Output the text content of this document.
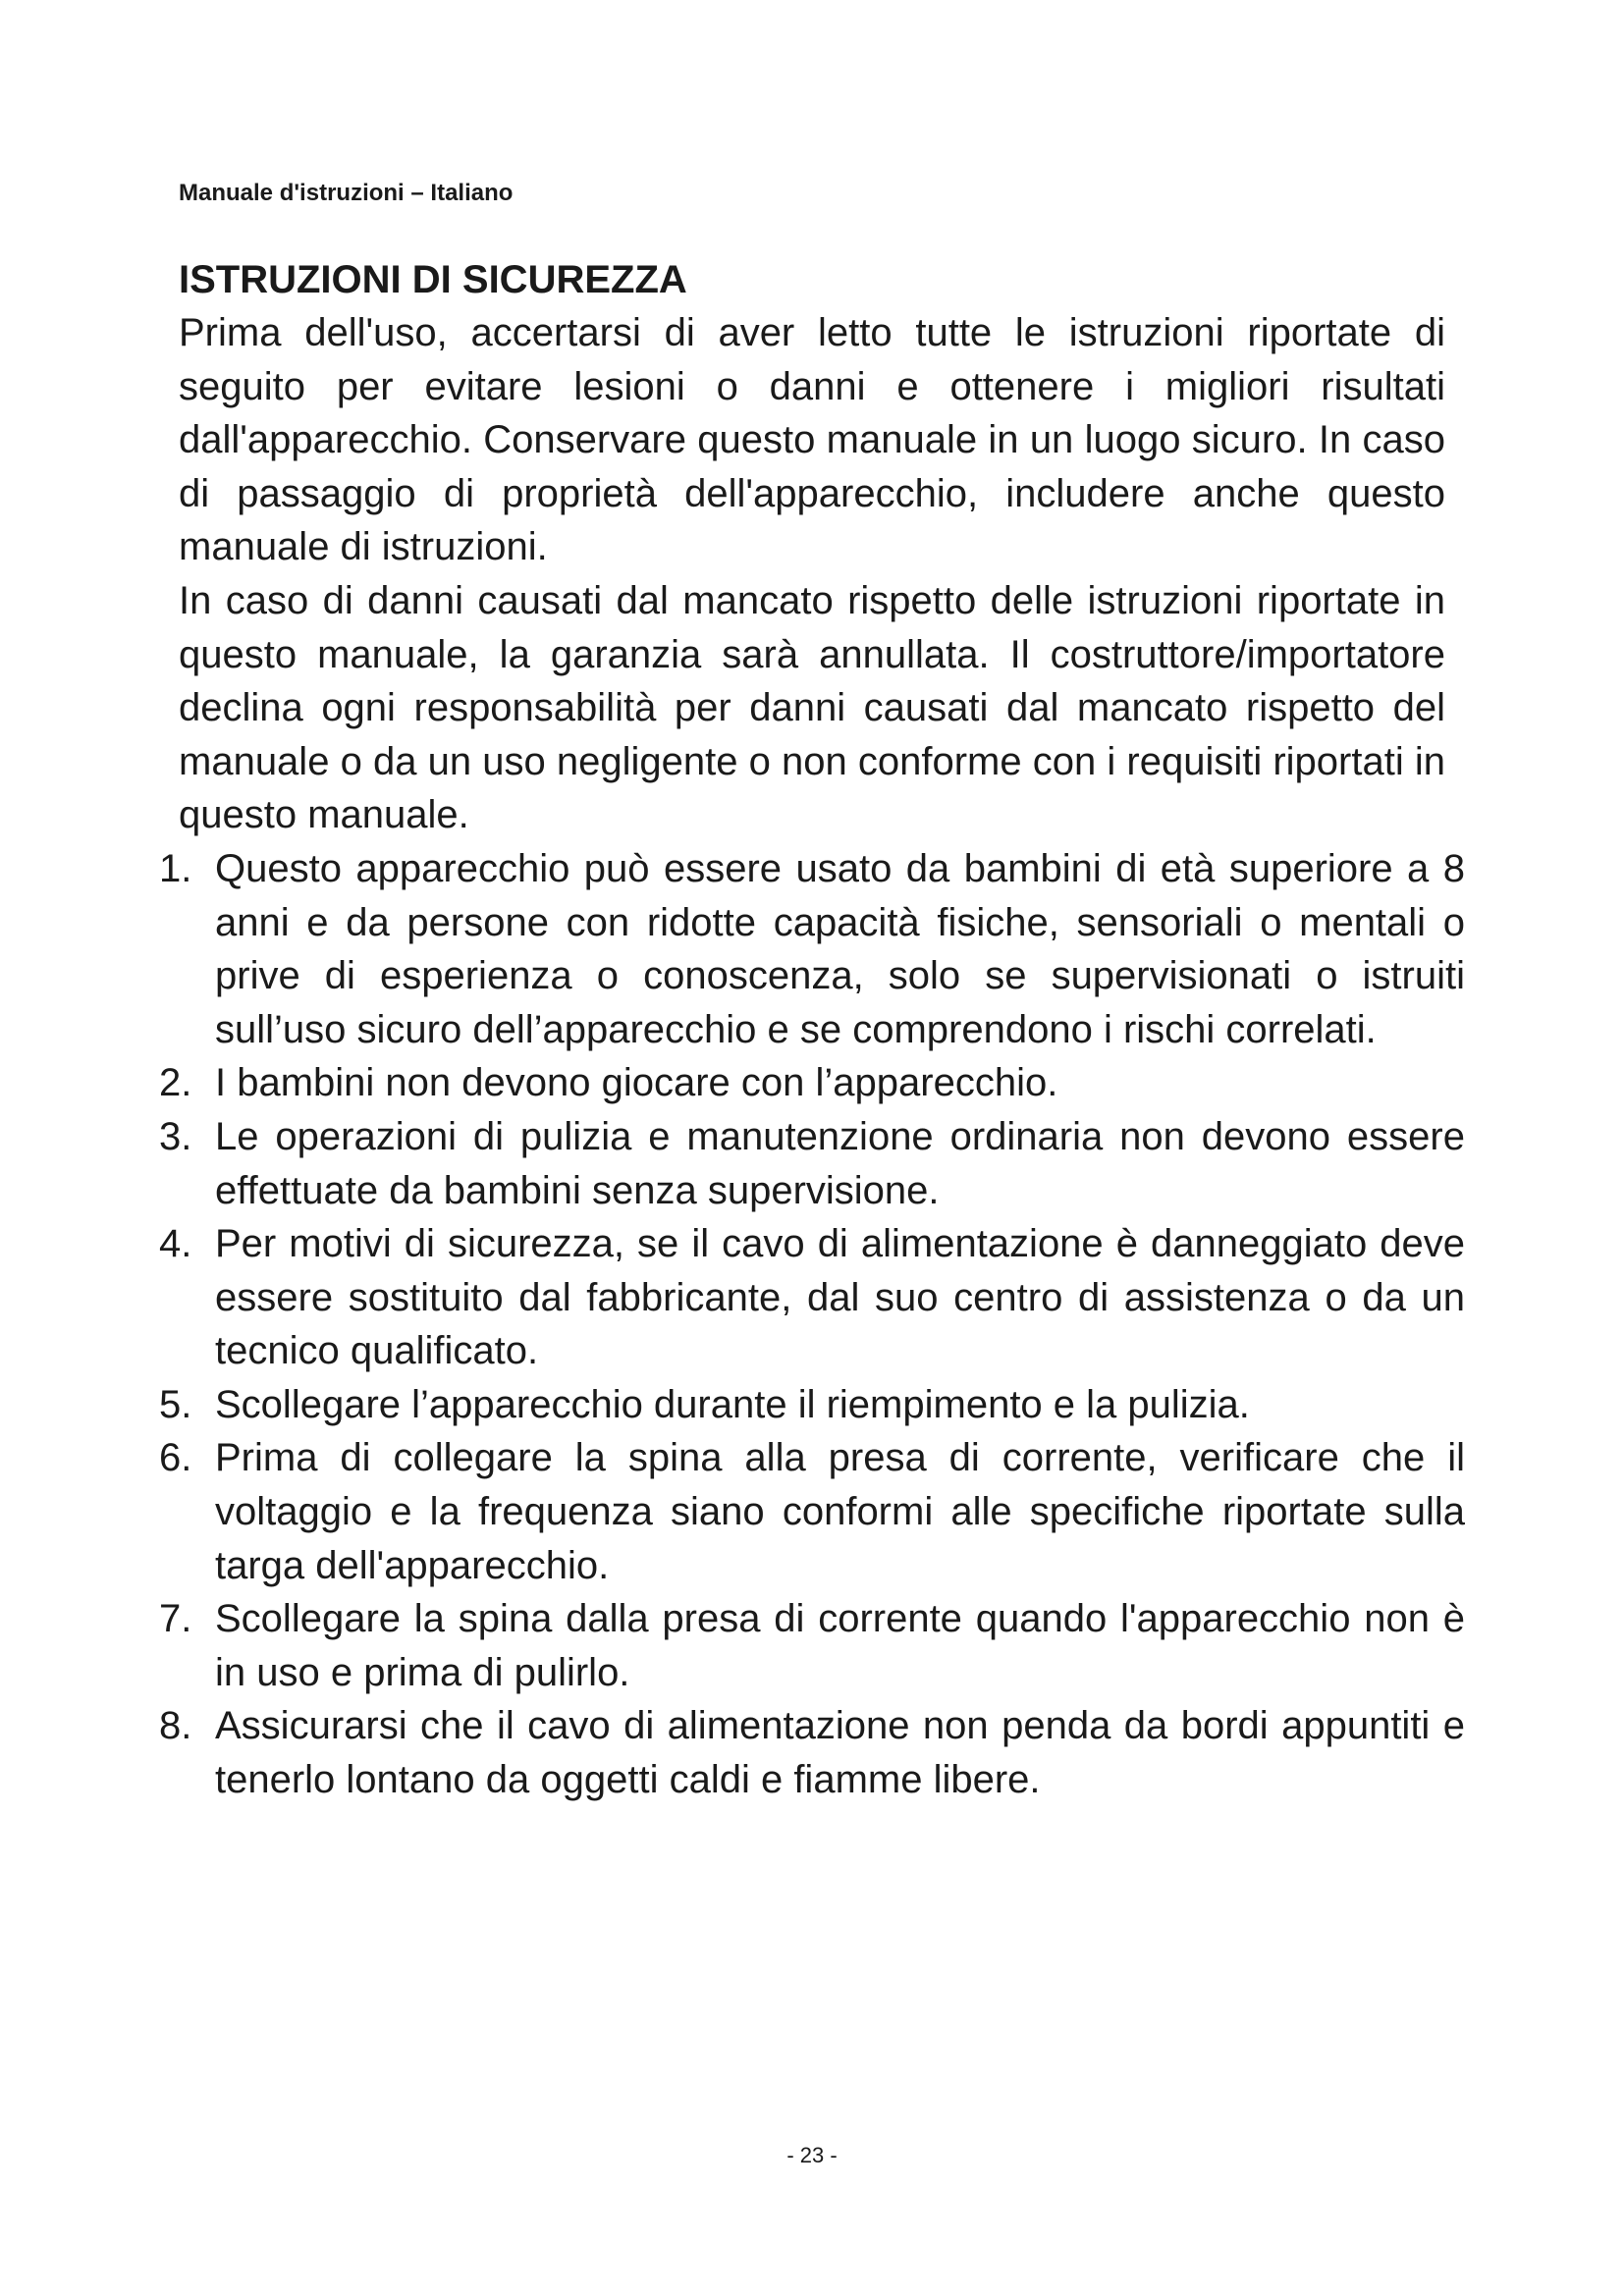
Manuale d'istruzioni – Italiano
ISTRUZIONI DI SICUREZZA

Prima dell'uso, accertarsi di aver letto tutte le istruzioni riportate di seguito per evitare lesioni o danni e ottenere i migliori risultati dall'apparecchio. Conservare questo manuale in un luogo sicuro. In caso di passaggio di proprietà dell'apparecchio, includere anche questo manuale di istruzioni.

In caso di danni causati dal mancato rispetto delle istruzioni riportate in questo manuale, la garanzia sarà annullata. Il costruttore/importatore declina ogni responsabilità per danni causati dal mancato rispetto del manuale o da un uso negligente o non conforme con i requisiti riportati in questo manuale.

1. Questo apparecchio può essere usato da bambini di età superiore a 8 anni e da persone con ridotte capacità fisiche, sensoriali o mentali o prive di esperienza o conoscenza, solo se supervisionati o istruiti sull’uso sicuro dell’apparecchio e se comprendono i rischi correlati.
2. I bambini non devono giocare con l’apparecchio.
3. Le operazioni di pulizia e manutenzione ordinaria non devono essere effettuate da bambini senza supervisione.
4. Per motivi di sicurezza, se il cavo di alimentazione è danneggiato deve essere sostituito dal fabbricante, dal suo centro di assistenza o da un tecnico qualificato.
5. Scollegare l’apparecchio durante il riempimento e la pulizia.
6. Prima di collegare la spina alla presa di corrente, verificare che il voltaggio e la frequenza siano conformi alle specifiche riportate sulla targa dell'apparecchio.
7. Scollegare la spina dalla presa di corrente quando l'apparecchio non è in uso e prima di pulirlo.
8. Assicurarsi che il cavo di alimentazione non penda da bordi appuntiti e tenerlo lontano da oggetti caldi e fiamme libere.
- 23 -
